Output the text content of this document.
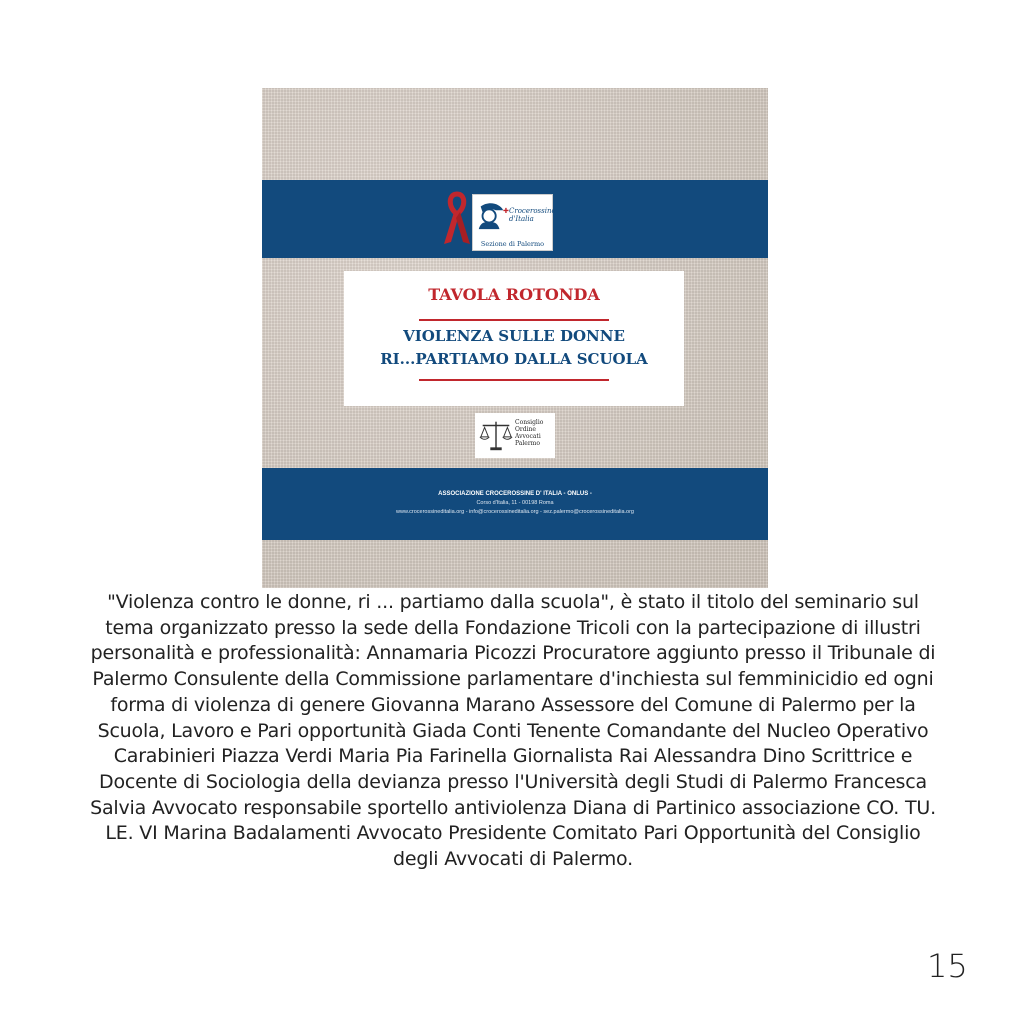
✚ Crocerossine d'Italia
Sezione di Palermo
TAVOLA ROTONDA
VIOLENZA SULLE DONNE
RI...PARTIAMO DALLA SCUOLA
Consiglio
Ordine
Avvocati
Palermo
ASSOCIAZIONE CROCEROSSINE D' ITALIA - ONLUS -
Corso d'Italia, 11 - 00198 Roma
www.crocerossineditalia.org - info@crocerossineditalia.org - sez.palermo@crocerossineditalia.org

"Violenza contro le donne, ri ... partiamo dalla scuola", è stato il titolo del seminario sul tema organizzato presso la sede della Fondazione Tricoli con la partecipazione di illustri personalità e professionalità: Annamaria Picozzi Procuratore aggiunto presso il Tribunale di Palermo Consulente della Commissione parlamentare d'inchiesta sul femminicidio ed ogni forma di violenza di genere Giovanna Marano Assessore del Comune di Palermo per la Scuola, Lavoro e Pari opportunità Giada Conti Tenente Comandante del Nucleo Operativo Carabinieri Piazza Verdi Maria Pia Farinella Giornalista Rai Alessandra Dino Scrittrice e Docente di Sociologia della devianza presso l'Università degli Studi di Palermo Francesca Salvia Avvocato responsabile sportello antiviolenza Diana di Partinico associazione CO. TU. LE. VI Marina Badalamenti Avvocato Presidente Comitato Pari Opportunità del Consiglio degli Avvocati di Palermo.

15
